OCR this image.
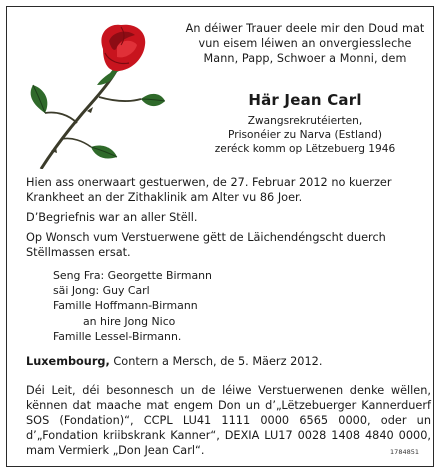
An déiwer Trauer deele mir den Doud mat
vun eisem léiwen an onvergiessleche
Mann, Papp, Schwoer a Monni, dem
Här Jean Carl
Zwangsrekrutéierten,
Prisonéier zu Narva (Estland)
zeréck komm op Lëtzebuerg 1946
Hien ass onerwaart gestuerwen, de 27. Februar 2012 no kuerzer Krankheet an der Zithaklinik am Alter vu 86 Joer.
D’Begriefnis war an aller Stëll.
Op Wonsch vum Verstuerwene gëtt de Läichendéngscht duerch Stëllmassen ersat.
Seng Fra: Georgette Birmann
säi Jong: Guy Carl
Famille Hoffmann-Birmann
an hire Jong Nico
Famille Lessel-Birmann.
Luxembourg, Contern a Mersch, de 5. Mäerz 2012.
Déi Leit, déi besonnesch un de léiwe Verstuerwenen denke wëllen, kënnen dat maache mat engem Don un d’„Lëtzebuerger Kannerduerf SOS (Fondation)“, CCPL LU41 1111 0000 6565 0000, oder un d’„Fondation kriibskrank Kanner“, DEXIA LU17 0028 1408 4840 0000, mam Vermierk „Don Jean Carl“.	1784851
